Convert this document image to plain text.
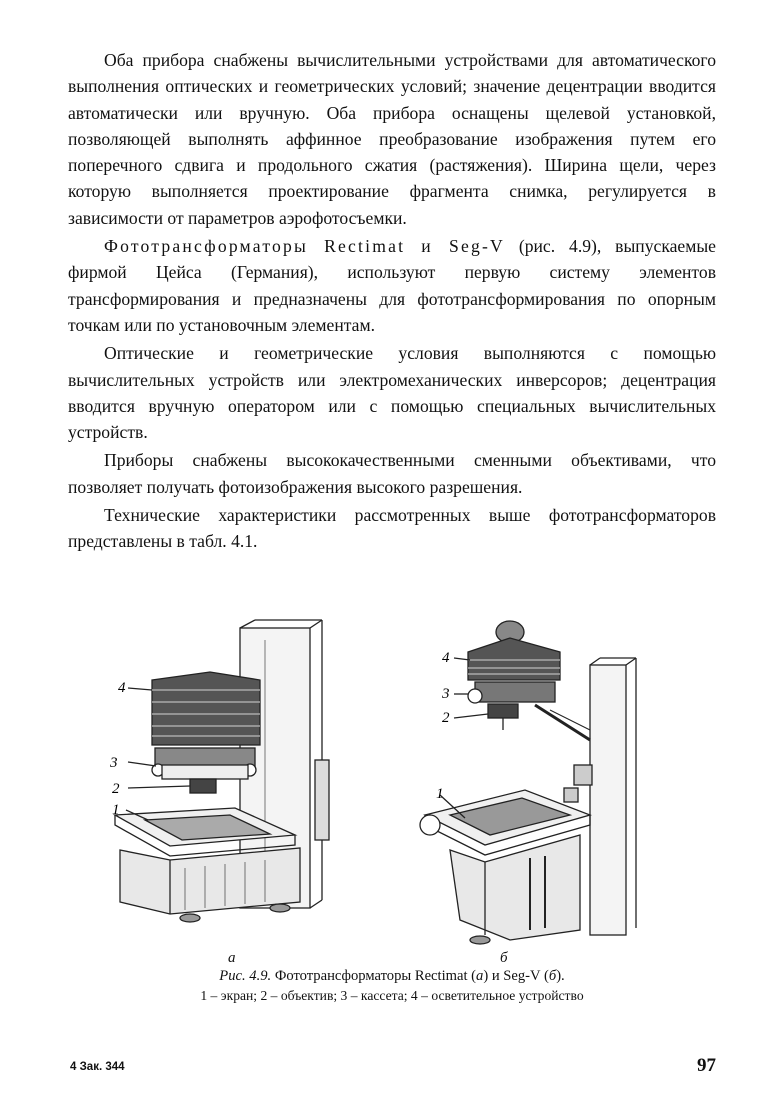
Оба прибора снабжены вычислительными устройствами для автоматического выполнения оптических и геометрических условий; значение децентрации вводится автоматически или вручную. Оба прибора оснащены щелевой установкой, позволяющей выполнять аффинное преобразование изображения путем его поперечного сдвига и продольного сжатия (растяжения). Ширина щели, через которую выполняется проектирование фрагмента снимка, регулируется в зависимости от параметров аэрофотосъемки.

Фототрансформаторы Rectimat и Seg-V (рис. 4.9), выпускаемые фирмой Цейса (Германия), используют первую систему элементов трансформирования и предназначены для фототрансформирования по опорным точкам или по установочным элементам.

Оптические и геометрические условия выполняются с помощью вычислительных устройств или электромеханических инверсоров; децентрация вводится вручную оператором или с помощью специальных вычислительных устройств.

Приборы снабжены высококачественными сменными объективами, что позволяет получать фотоизображения высокого разрешения.

Технические характеристики рассмотренных выше фототрансформаторов представлены в табл. 4.1.

4
3
2
1
4
3
2
1
а	б
Рис. 4.9. Фототрансформаторы Rectimat (а) и Seg-V (б).
1 – экран; 2 – объектив; 3 – кассета; 4 – осветительное устройство
4 Зак. 344	97
